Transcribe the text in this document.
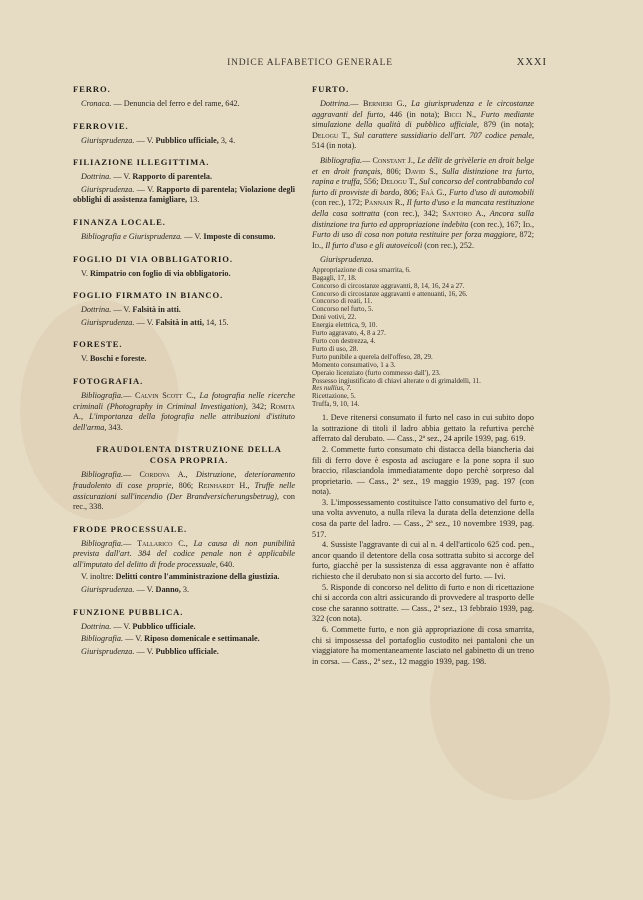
INDICE ALFABETICO GENERALE	XXXI
FERRO.

Cronaca. — Denuncia del ferro e del rame, 642.

FERROVIE.

Giurisprudenza. — V. Pubblico ufficiale, 3, 4.

FILIAZIONE ILLEGITTIMA.

Dottrina. — V. Rapporto di parentela.

Giurisprudenza. — V. Rapporto di parentela; Violazione degli obblighi di assistenza famigliare, 13.

FINANZA LOCALE.

Bibliografia e Giurisprudenza. — V. Imposte di consumo.

FOGLIO DI VIA OBBLIGATORIO.

V. Rimpatrio con foglio di via obbligatorio.

FOGLIO FIRMATO IN BIANCO.

Dottrina. — V. Falsità in atti.

Giurisprudenza. — V. Falsità in atti, 14, 15.

FORESTE.

V. Boschi e foreste.

FOTOGRAFIA.

Bibliografia.— Calvin Scott C., La fotografia nelle ricerche criminali (Photography in Criminal Investigation), 342; Romita A., L'importanza della fotografia nelle attribuzioni d'istituto dell'arma, 343.

FRAUDOLENTA DISTRUZIONE DELLA COSA PROPRIA.

Bibliografia.— Cordova A., Distruzione, deterioramento fraudolento di cose proprie, 806; Reinhardt H., Truffe nelle assicurazioni sull'incendio (Der Brandversicherungsbetrug), con rec., 338.

FRODE PROCESSUALE.

Bibliografia.— Tallarico C., La causa di non punibilità prevista dall'art. 384 del codice penale non è applicabile all'imputato del delitto di frode processuale, 640.

V. inoltre: Delitti contro l'amministrazione della giustizia.

Giurisprudenza. — V. Danno, 3.

FUNZIONE PUBBLICA.

Dottrina. — V. Pubblico ufficiale.

Bibliografia. — V. Riposo domenicale e settimanale.

Giurisprudenza. — V. Pubblico ufficiale.

FURTO.

Dottrina.— Bernieri G., La giurisprudenza e le circostanze aggravanti del furto, 446 (in nota); Bicci N., Furto mediante simulazione della qualità di pubblico ufficiale, 879 (in nota); Delogu T., Sul carattere sussidiario dell'art. 707 codice penale, 514 (in nota).

Bibliografia.— Constant J., Le délit de grivèlerie en droit belge et en droit français, 806; David S., Sulla distinzione tra furto, rapina e truffa, 556; Delogu T., Sul concorso del contrabbando col furto di provviste di bordo, 806; Faà G., Furto d'uso di automobili (con rec.), 172; Pannain R., Il furto d'uso e la mancata restituzione della cosa sottratta (con rec.), 342; Santoro A., Ancora sulla distinzione tra furto ed appropriazione indebita (con rec.), 167; Id., Furto di uso di cosa non potuta restituire per forza maggiore, 872; Id., Il furto d'uso e gli autoveicoli (con rec.), 252.

Giurisprudenza.
Appropriazione di cosa smarrita, 6.
Bagagli, 17, 18.
Concorso di circostanze aggravanti, 8, 14, 16, 24 a 27.
Concorso di circostanze aggravanti e attenuanti, 16, 26.
Concorso di reati, 11.
Concorso nel furto, 5.
Doni votivi, 22.
Energia elettrica, 9, 10.
Furto aggravato, 4, 8 a 27.
Furto con destrezza, 4.
Furto di uso, 28.
Furto punibile a querela dell'offeso, 28, 29.
Momento consumativo, 1 a 3.
Operaio licenziato (furto commesso dall'), 23.
Possesso ingiustificato di chiavi alterate o di grimaldelli, 11.
Res nullius, 7.
Ricettazione, 5.
Truffa, 9, 10, 14.

1. Deve ritenersi consumato il furto nel caso in cui subito dopo la sottrazione di titoli il ladro abbia gettato la refurtiva perchè afferrato dal derubato. — Cass., 2ª sez., 24 aprile 1939, pag. 619.

2. Commette furto consumato chi distacca della biancheria dai fili di ferro dove è esposta ad asciugare e la pone sopra il suo braccio, rilasciandola immediatamente dopo perchè sorpreso dal proprietario. — Cass., 2ª sez., 19 maggio 1939, pag. 197 (con nota).

3. L'impossessamento costituisce l'atto consumativo del furto e, una volta avvenuto, a nulla rileva la durata della detenzione della cosa da parte del ladro. — Cass., 2ª sez., 10 novembre 1939, pag. 517.

4. Sussiste l'aggravante di cui al n. 4 dell'articolo 625 cod. pen., ancor quando il detentore della cosa sottratta subito si accorge del furto, giacchè per la sussistenza di essa aggravante non è affatto richiesto che il derubato non si sia accorto del furto. — Ivi.

5. Risponde di concorso nel delitto di furto e non di ricettazione chi si accorda con altri assicurando di provvedere al trasporto delle cose che saranno sottratte. — Cass., 2ª sez., 13 febbraio 1939, pag. 322 (con nota).

6. Commette furto, e non già appropriazione di cosa smarrita, chi si impossessa del portafoglio custodito nei pantaloni che un viaggiatore ha momentaneamente lasciato nel gabinetto di un treno in corsa. — Cass., 2ª sez., 12 maggio 1939, pag. 198.
